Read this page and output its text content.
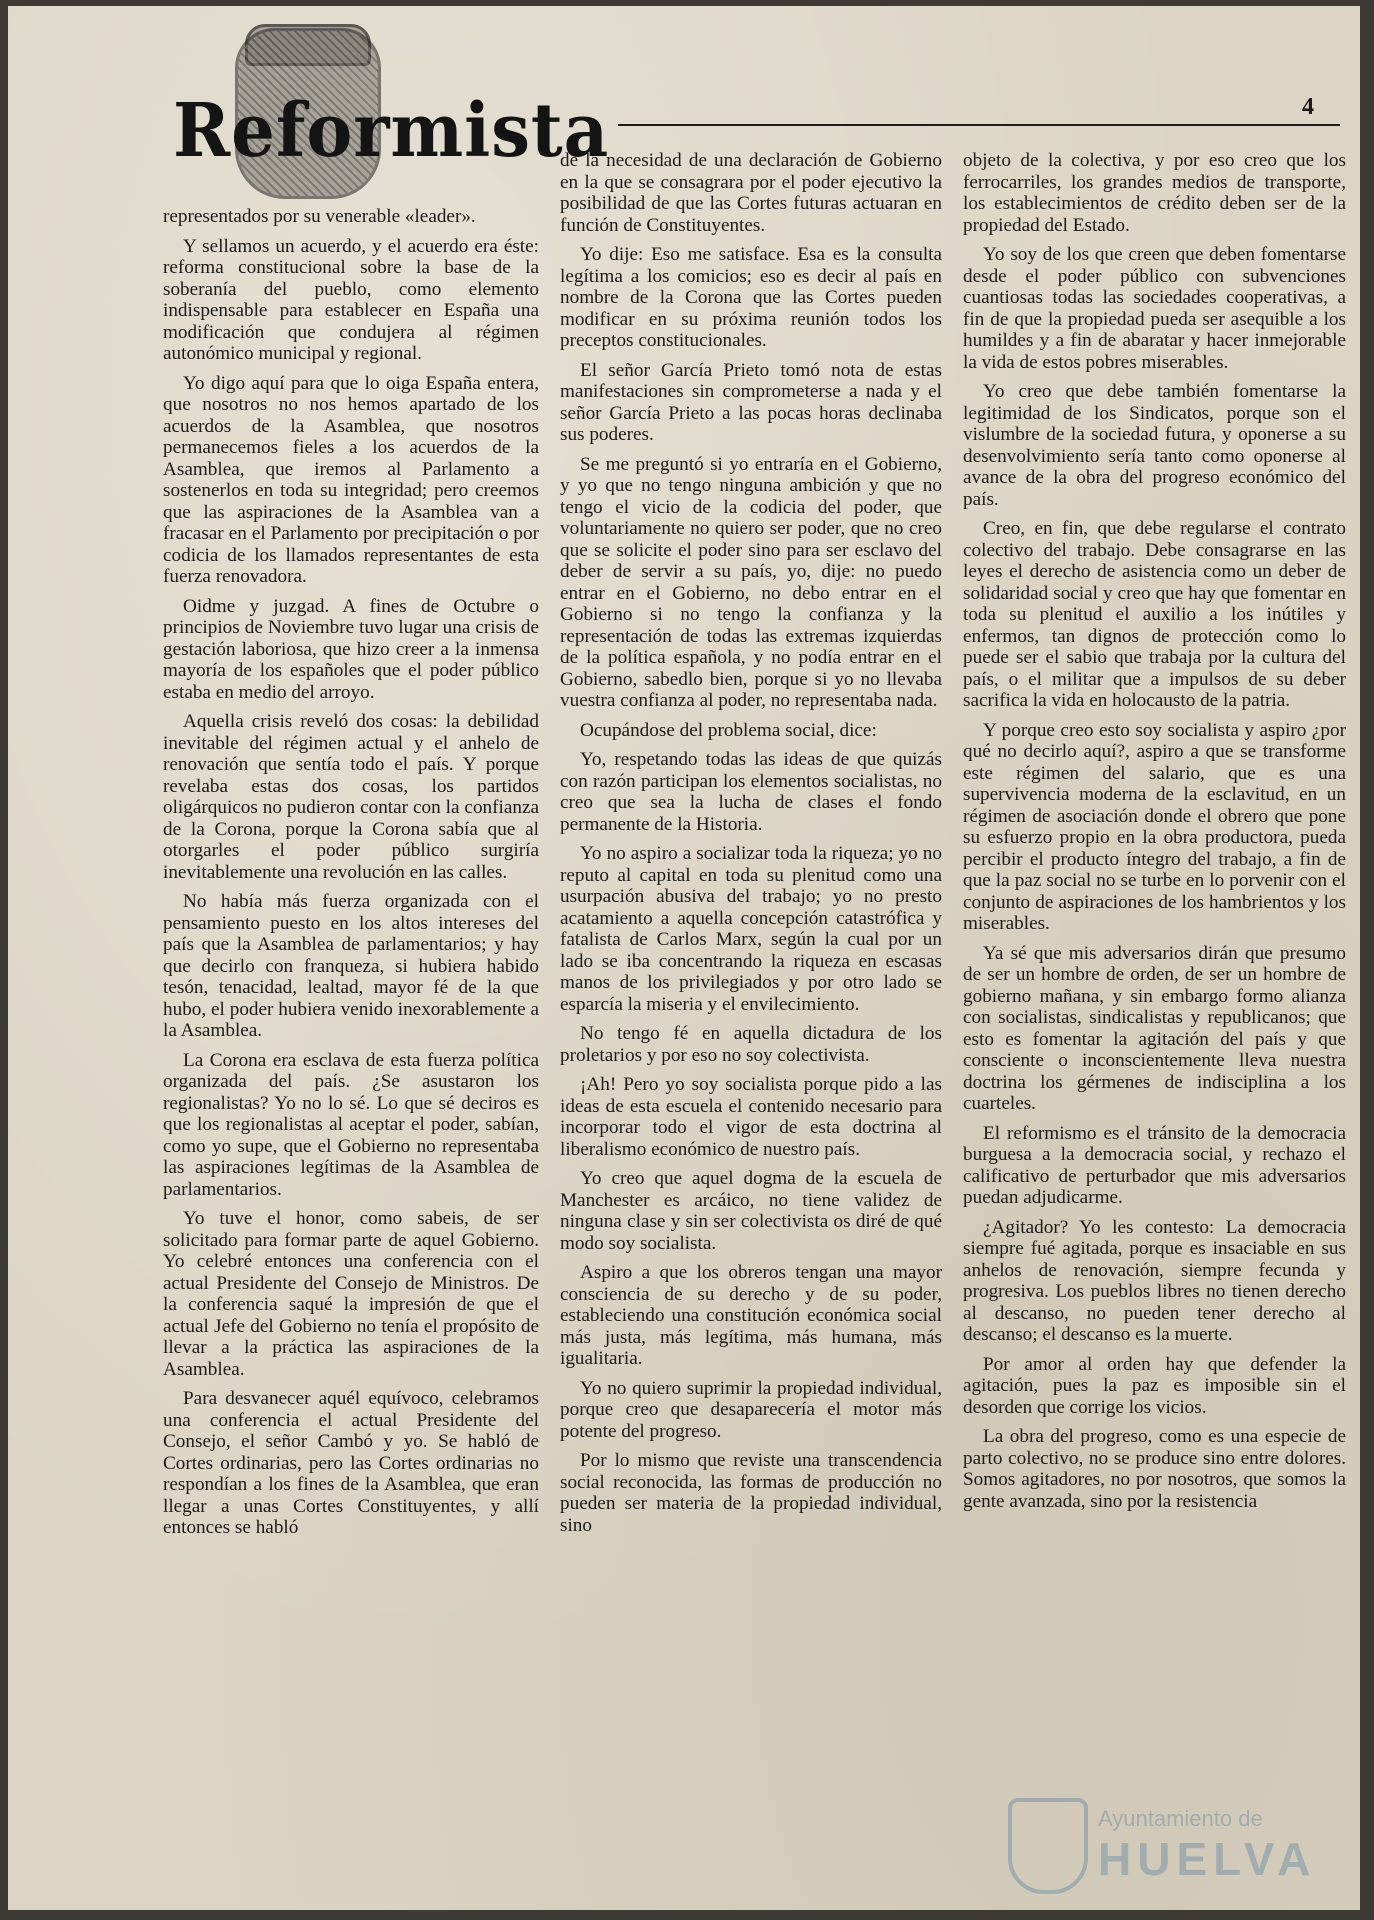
Reformista	4

representados por su venerable «leader».

Y sellamos un acuerdo, y el acuerdo era éste: reforma constitucional sobre la base de la soberanía del pueblo, como elemento indispensable para establecer en España una modificación que condujera al régimen autonómico municipal y regional.

Yo digo aquí para que lo oiga España entera, que nosotros no nos hemos apartado de los acuerdos de la Asamblea, que nosotros permanecemos fieles a los acuerdos de la Asamblea, que iremos al Parlamento a sostenerlos en toda su integridad; pero creemos que las aspiraciones de la Asamblea van a fracasar en el Parlamento por precipitación o por codicia de los llamados representantes de esta fuerza renovadora.

Oidme y juzgad. A fines de Octubre o principios de Noviembre tuvo lugar una crisis de gestación laboriosa, que hizo creer a la inmensa mayoría de los españoles que el poder público estaba en medio del arroyo.

Aquella crisis reveló dos cosas: la debilidad inevitable del régimen actual y el anhelo de renovación que sentía todo el país. Y porque revelaba estas dos cosas, los partidos oligárquicos no pudieron contar con la confianza de la Corona, porque la Corona sabía que al otorgarles el poder público surgiría inevitablemente una revolución en las calles.

No había más fuerza organizada con el pensamiento puesto en los altos intereses del país que la Asamblea de parlamentarios; y hay que decirlo con franqueza, si hubiera habido tesón, tenacidad, lealtad, mayor fé de la que hubo, el poder hubiera venido inexorablemente a la Asamblea.

La Corona era esclava de esta fuerza política organizada del país. ¿Se asustaron los regionalistas? Yo no lo sé. Lo que sé deciros es que los regionalistas al aceptar el poder, sabían, como yo supe, que el Gobierno no representaba las aspiraciones legítimas de la Asamblea de parlamentarios.

Yo tuve el honor, como sabeis, de ser solicitado para formar parte de aquel Gobierno. Yo celebré entonces una conferencia con el actual Presidente del Consejo de Ministros. De la conferencia saqué la impresión de que el actual Jefe del Gobierno no tenía el propósito de llevar a la práctica las aspiraciones de la Asamblea.

Para desvanecer aquél equívoco, celebramos una conferencia el actual Presidente del Consejo, el señor Cambó y yo. Se habló de Cortes ordinarias, pero las Cortes ordinarias no respondían a los fines de la Asamblea, que eran llegar a unas Cortes Constituyentes, y allí entonces se habló

de la necesidad de una declaración de Gobierno en la que se consagrara por el poder ejecutivo la posibilidad de que las Cortes futuras actuaran en función de Constituyentes.

Yo dije: Eso me satisface. Esa es la consulta legítima a los comicios; eso es decir al país en nombre de la Corona que las Cortes pueden modificar en su próxima reunión todos los preceptos constitucionales.

El señor García Prieto tomó nota de estas manifestaciones sin comprometerse a nada y el señor García Prieto a las pocas horas declinaba sus poderes.

Se me preguntó si yo entraría en el Gobierno, y yo que no tengo ninguna ambición y que no tengo el vicio de la codicia del poder, que voluntariamente no quiero ser poder, que no creo que se solicite el poder sino para ser esclavo del deber de servir a su país, yo, dije: no puedo entrar en el Gobierno, no debo entrar en el Gobierno si no tengo la confianza y la representación de todas las extremas izquierdas de la política española, y no podía entrar en el Gobierno, sabedlo bien, porque si yo no llevaba vuestra confianza al poder, no representaba nada.

Ocupándose del problema social, dice:

Yo, respetando todas las ideas de que quizás con razón participan los elementos socialistas, no creo que sea la lucha de clases el fondo permanente de la Historia.

Yo no aspiro a socializar toda la riqueza; yo no reputo al capital en toda su plenitud como una usurpación abusiva del trabajo; yo no presto acatamiento a aquella concepción catastrófica y fatalista de Carlos Marx, según la cual por un lado se iba concentrando la riqueza en escasas manos de los privilegiados y por otro lado se esparcía la miseria y el envilecimiento.

No tengo fé en aquella dictadura de los proletarios y por eso no soy colectivista.

¡Ah! Pero yo soy socialista porque pido a las ideas de esta escuela el contenido necesario para incorporar todo el vigor de esta doctrina al liberalismo económico de nuestro país.

Yo creo que aquel dogma de la escuela de Manchester es arcáico, no tiene validez de ninguna clase y sin ser colectivista os diré de qué modo soy socialista.

Aspiro a que los obreros tengan una mayor consciencia de su derecho y de su poder, estableciendo una constitución económica social más justa, más legítima, más humana, más igualitaria.

Yo no quiero suprimir la propiedad individual, porque creo que desaparecería el motor más potente del progreso.

Por lo mismo que reviste una transcendencia social reconocida, las formas de producción no pueden ser materia de la propiedad individual, sino

objeto de la colectiva, y por eso creo que los ferrocarriles, los grandes medios de transporte, los establecimientos de crédito deben ser de la propiedad del Estado.

Yo soy de los que creen que deben fomentarse desde el poder público con subvenciones cuantiosas todas las sociedades cooperativas, a fin de que la propiedad pueda ser asequible a los humildes y a fin de abaratar y hacer inmejorable la vida de estos pobres miserables.

Yo creo que debe también fomentarse la legitimidad de los Sindicatos, porque son el vislumbre de la sociedad futura, y oponerse a su desenvolvimiento sería tanto como oponerse al avance de la obra del progreso económico del país.

Creo, en fin, que debe regularse el contrato colectivo del trabajo. Debe consagrarse en las leyes el derecho de asistencia como un deber de solidaridad social y creo que hay que fomentar en toda su plenitud el auxilio a los inútiles y enfermos, tan dignos de protección como lo puede ser el sabio que trabaja por la cultura del país, o el militar que a impulsos de su deber sacrifica la vida en holocausto de la patria.

Y porque creo esto soy socialista y aspiro ¿por qué no decirlo aquí?, aspiro a que se transforme este régimen del salario, que es una supervivencia moderna de la esclavitud, en un régimen de asociación donde el obrero que pone su esfuerzo propio en la obra productora, pueda percibir el producto íntegro del trabajo, a fin de que la paz social no se turbe en lo porvenir con el conjunto de aspiraciones de los hambrientos y los miserables.

Ya sé que mis adversarios dirán que presumo de ser un hombre de orden, de ser un hombre de gobierno mañana, y sin embargo formo alianza con socialistas, sindicalistas y republicanos; que esto es fomentar la agitación del país y que consciente o inconscientemente lleva nuestra doctrina los gérmenes de indisciplina a los cuarteles.

El reformismo es el tránsito de la democracia burguesa a la democracia social, y rechazo el calificativo de perturbador que mis adversarios puedan adjudicarme.

¿Agitador? Yo les contesto: La democracia siempre fué agitada, porque es insaciable en sus anhelos de renovación, siempre fecunda y progresiva. Los pueblos libres no tienen derecho al descanso, no pueden tener derecho al descanso; el descanso es la muerte.

Por amor al orden hay que defender la agitación, pues la paz es imposible sin el desorden que corrige los vicios.

La obra del progreso, como es una especie de parto colectivo, no se produce sino entre dolores. Somos agitadores, no por nosotros, que somos la gente avanzada, sino por la resistencia

Ayuntamiento de
HUELVA
